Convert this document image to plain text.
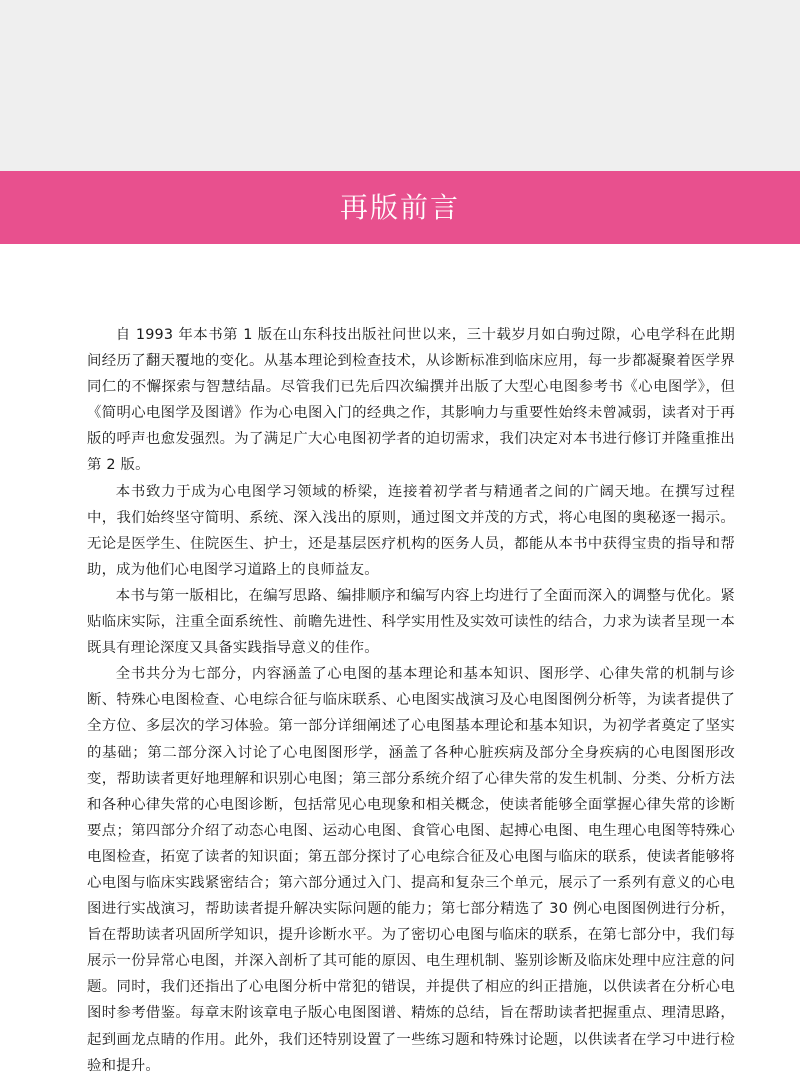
再版前言

自 1993 年本书第 1 版在山东科技出版社问世以来，三十载岁月如白驹过隙，心电学科在此期间经历了翻天覆地的变化。从基本理论到检查技术，从诊断标准到临床应用，每一步都凝聚着医学界同仁的不懈探索与智慧结晶。尽管我们已先后四次编撰并出版了大型心电图参考书《心电图学》，但《简明心电图学及图谱》作为心电图入门的经典之作，其影响力与重要性始终未曾减弱，读者对于再版的呼声也愈发强烈。为了满足广大心电图初学者的迫切需求，我们决定对本书进行修订并隆重推出第 2 版。

本书致力于成为心电图学习领域的桥梁，连接着初学者与精通者之间的广阔天地。在撰写过程中，我们始终坚守简明、系统、深入浅出的原则，通过图文并茂的方式，将心电图的奥秘逐一揭示。无论是医学生、住院医生、护士，还是基层医疗机构的医务人员，都能从本书中获得宝贵的指导和帮助，成为他们心电图学习道路上的良师益友。

本书与第一版相比，在编写思路、编排顺序和编写内容上均进行了全面而深入的调整与优化。紧贴临床实际，注重全面系统性、前瞻先进性、科学实用性及实效可读性的结合，力求为读者呈现一本既具有理论深度又具备实践指导意义的佳作。

全书共分为七部分，内容涵盖了心电图的基本理论和基本知识、图形学、心律失常的机制与诊断、特殊心电图检查、心电综合征与临床联系、心电图实战演习及心电图图例分析等，为读者提供了全方位、多层次的学习体验。第一部分详细阐述了心电图基本理论和基本知识，为初学者奠定了坚实的基础；第二部分深入讨论了心电图图形学，涵盖了各种心脏疾病及部分全身疾病的心电图图形改变，帮助读者更好地理解和识别心电图；第三部分系统介绍了心律失常的发生机制、分类、分析方法和各种心律失常的心电图诊断，包括常见心电现象和相关概念，使读者能够全面掌握心律失常的诊断要点；第四部分介绍了动态心电图、运动心电图、食管心电图、起搏心电图、电生理心电图等特殊心电图检查，拓宽了读者的知识面；第五部分探讨了心电综合征及心电图与临床的联系，使读者能够将心电图与临床实践紧密结合；第六部分通过入门、提高和复杂三个单元，展示了一系列有意义的心电图进行实战演习，帮助读者提升解决实际问题的能力；第七部分精选了 30 例心电图图例进行分析，旨在帮助读者巩固所学知识，提升诊断水平。为了密切心电图与临床的联系，在第七部分中，我们每展示一份异常心电图，并深入剖析了其可能的原因、电生理机制、鉴别诊断及临床处理中应注意的问题。同时，我们还指出了心电图分析中常犯的错误，并提供了相应的纠正措施，以供读者在分析心电图时参考借鉴。每章末附该章电子版心电图图谱、精炼的总结，旨在帮助读者把握重点、理清思路，起到画龙点睛的作用。此外，我们还特别设置了一些练习题和特殊讨论题，以供读者在学习中进行检验和提升。
